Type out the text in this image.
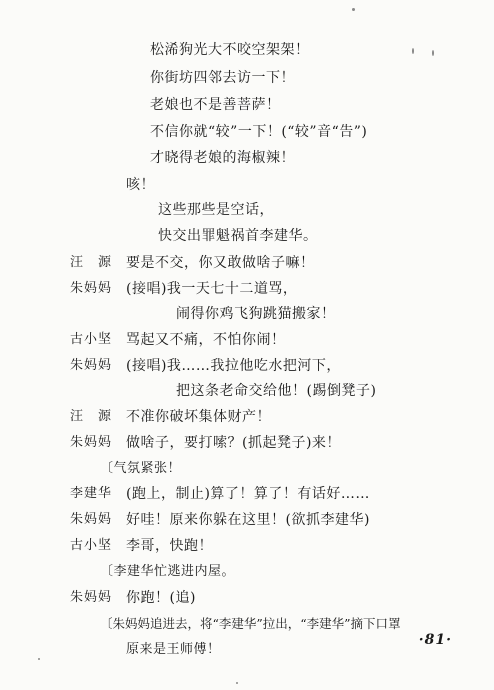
松浠狗光大不咬空架架！
你街坊四邻去访一下！
老娘也不是善菩萨！
不信你就“较”一下！(“较”音“告”)
才晓得老娘的海椒辣！
咳！
这些那些是空话，
快交出罪魁祸首李建华。
汪　源 要是不交，你又敢做啥子嘛！
朱妈妈 (接唱)我一天七十二道骂，
闹得你鸡飞狗跳猫搬家！
古小坚 骂起又不痛，不怕你闹！
朱妈妈 (接唱)我……我拉他吃水把河下，
把这条老命交给他！(踢倒凳子)
汪　源 不准你破坏集体财产！
朱妈妈 做啥子，要打嗦？(抓起凳子)来！
〔气氛紧张！
李建华 (跑上，制止)算了！算了！有话好……
朱妈妈 好哇！原来你躲在这里！(欲抓李建华)
古小坚 李哥，快跑！
〔李建华忙逃进内屋。
朱妈妈 你跑！(追)
〔朱妈妈追进去，将“李建华”拉出，“李建华”摘下口罩
原来是王师傅！
·81·
